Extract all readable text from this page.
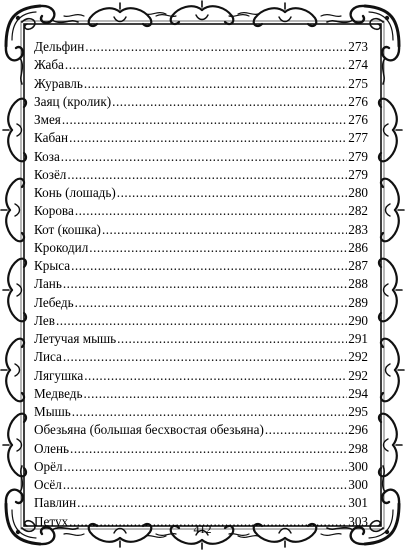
Дельфин .....	273
Жаба .....	274
Журавль .....	275
Заяц (кролик) .....	276
Змея .....	276
Кабан .....	277
Коза .....	279
Козёл .....	279
Конь (лошадь) .....	280
Корова .....	282
Кот (кошка) .....	283
Крокодил .....	286
Крыса .....	287
Лань .....	288
Лебедь .....	289
Лев .....	290
Летучая мышь .....	291
Лиса .....	292
Лягушка .....	292
Медведь .....	294
Мышь .....	295
Обезьяна (большая бесхвостая обезьяна) .....	296
Олень .....	298
Орёл .....	300
Осёл .....	300
Павлин .....	301
Петух .....	303
412
